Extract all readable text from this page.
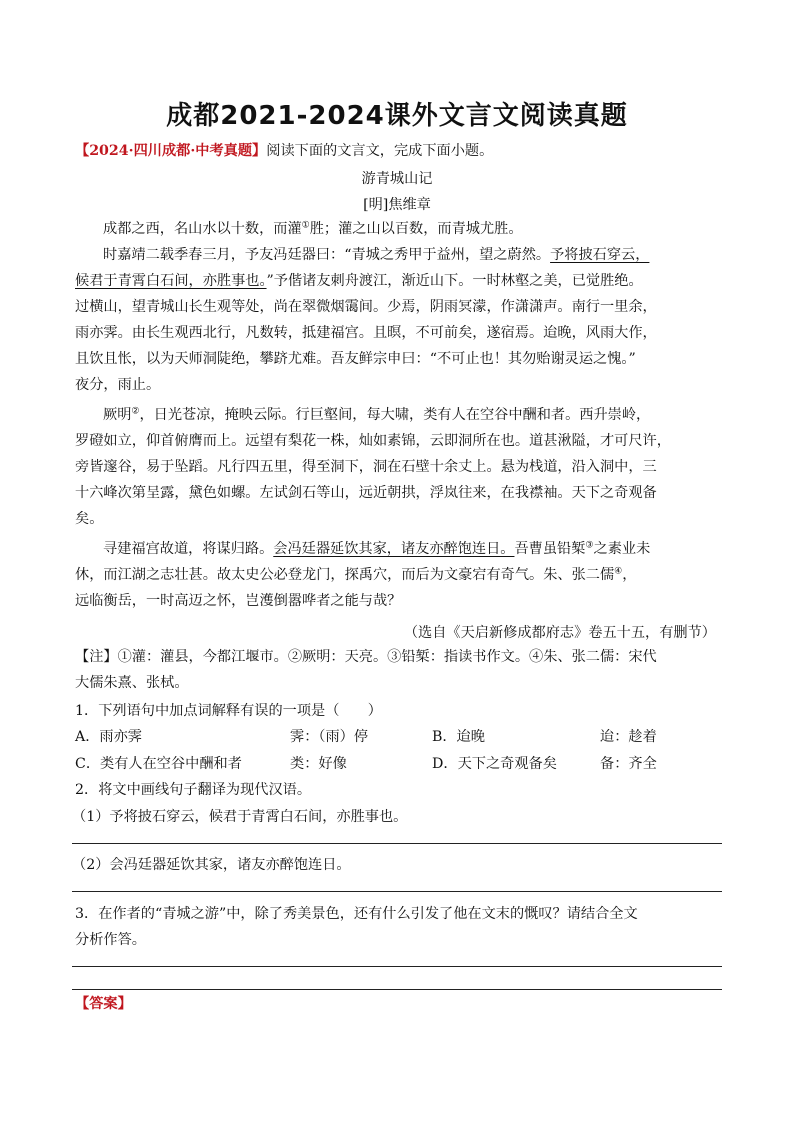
成都2021-2024课外文言文阅读真题
【2024·四川成都·中考真题】阅读下面的文言文，完成下面小题。
游青城山记
[明]焦维章
成都之西，名山水以十数，而灌①胜；灌之山以百数，而青城尤胜。
时嘉靖二载季春三月，予友冯廷器曰：“青城之秀甲于益州，望之蔚然。予将披石穿云，
候君于青霄白石间，亦胜事也。”予偕诸友刺舟渡江，渐近山下。一时林壑之美，已觉胜绝。
过横山，望青城山长生观等处，尚在翠微烟霭间。少焉，阴雨冥濛，作潇潇声。南行一里余，
雨亦霁。由长生观西北行，凡数转，抵建福宫。且暝，不可前矣，遂宿焉。迨晚，风雨大作，
且饮且怅，以为天师洞陡绝，攀跻尤难。吾友鲜宗申曰：“不可止也！其勿贻谢灵运之愧。”
夜分，雨止。
厥明②，日光苍凉，掩映云际。行巨壑间，每大啸，类有人在空谷中酬和者。西升崇岭，
罗磴如立，仰首俯膺而上。远望有梨花一株，灿如素锦，云即洞所在也。道甚湫隘，才可尺许，
旁皆邃谷，易于坠蹈。凡行四五里，得至洞下，洞在石壁十余丈上。悬为栈道，沿入洞中，三
十六峰次第呈露，黛色如螺。左试剑石等山，远近朝拱，浮岚往来，在我襟袖。天下之奇观备
矣。
寻建福宫故道，将谋归路。会冯廷器延饮其家，诸友亦醉饱连日。吾曹虽铅椠③之素业未
休，而江湖之志壮甚。故太史公必登龙门，探禹穴，而后为文豪宕有奇气。朱、张二儒④，
远临衡岳，一时高迈之怀，岂濩倒嚣哗者之能与哉？
（选自《天启新修成都府志》卷五十五，有删节）
【注】①灌：灌县，今都江堰市。②厥明：天亮。③铅椠：指读书作文。④朱、张二儒：宋代
大儒朱熹、张栻。
1．下列语句中加点词解释有误的一项是（　　）
A．雨亦霁	霁：（雨）停	B．迨晚	迨：趁着
C．类有人在空谷中酬和者	类：好像	D．天下之奇观备矣	备：齐全
2．将文中画线句子翻译为现代汉语。
（1）予将披石穿云，候君于青霄白石间，亦胜事也。
（2）会冯廷器延饮其家，诸友亦醉饱连日。
3．在作者的“青城之游”中，除了秀美景色，还有什么引发了他在文末的慨叹？请结合全文
分析作答。
【答案】
